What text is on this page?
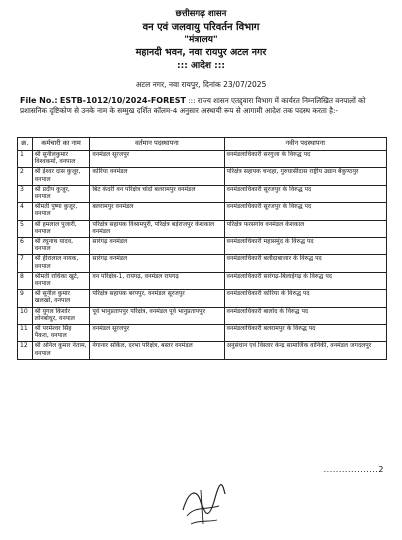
छत्तीसगढ़ शासन
वन एवं जलवायु परिवर्तन विभाग
"मंत्रालय"
महानदी भवन, नवा रायपुर अटल नगर
::: आदेश :::
अटल नगर, नवा रायपुर, दिनांक 23/07/2025
File No.: ESTB-1012/10/2024-FOREST ::: राज्य शासन एतद्द्वारा विभाग में कार्यरत निम्नलिखित वनपालों को प्रशासनिक दृष्टिकोण से उनके नाम के सम्मुख दर्शित कॉलम-4 अनुसार अस्थायी रूप से आगामी आदेश तक पदस्थ करता है:-
क्र.	कर्मचारी का नाम	वर्तमान पदस्थापना	नवीन पदस्थापना
1	श्री सुनीलकुमार विश्वकर्मा, वनपाल	वनमंडल सूरजपुर	वनमंडलाधिकारी सरगुजा के विरुद्ध पद
2	श्री ईश्वर दास कुजूर, वनपाल	कोरिया वनमंडल	परिक्षेत्र सहायक चन्दहा, गुरुघासीदास राष्ट्रीय उद्यान बैकुण्ठपुर
3	श्री प्रदीप कुजूर, वनपाल	बिट कंदरी वन परिक्षेत्र चांदो बलरामपुर वनमंडल	वनमंडलाधिकारी सूरजपुर के विरुद्ध पद
4	श्रीमती पुष्पा कुजूर, वनपाल	बलरामपुर वनमंडल	वनमंडलाधिकारी सूरजपुर के विरुद्ध पद
5	श्री हमलाल पुजारी, वनपाल	परिक्षेत्र सहायक विश्रामपुरी, परिक्षेत्र बड़ेराजपुर केशकाल वनमंडल	परिक्षेत्र फरसगांव वनमंडल केशकाल
6	श्री रघुनाथ यादव, वनपाल	सारंगढ़ वनमंडल	वनमंडलाधिकारी महासमुंद के विरुद्ध पद
7	श्री हीरालाल नायक, वनपाल	सारंगढ़ वनमंडल	वनमंडलाधिकारी बलौदाबाजार के विरुद्ध पद
8	श्रीमती राधिका खुटे, वनपाल	वन परिक्षेत्र-1, रायगढ़, वनमंडल रायगढ़	वनमंडलाधिकारी सारंगढ़-बिलाईगढ़ के विरुद्ध पद
9	श्री सुनील कुमार खलखो, वनपाल	परिक्षेत्र सहायक बरपपुर, वनमंडल सूरजपुर	वनमंडलाधिकारी कोरिया के विरुद्ध पद
10	श्री युगल किशोर लोनबोधुर, वनपाल	पूर्व भानुप्रतापपुर परिक्षेत्र, वनमंडल पूर्व भानुप्रतापपुर	वनमंडलाधिकारी बालोद के विरुद्ध पद
11	श्री परमेश्वर सिंह पैकरा, वनपाल	वनमंडल सूरजपुर	वनमंडलाधिकारी बलरामपुर के विरुद्ध पद
12	श्री अनिल कुमार नेताम, वनपाल	नेगानार सर्किल, दरभा परिक्षेत्र, बस्तर वनमंडल	अनुसंधान एवं विस्तार केन्द्र सामाजिक वानिकी, वनमंडल जगदलपुर
..................2
